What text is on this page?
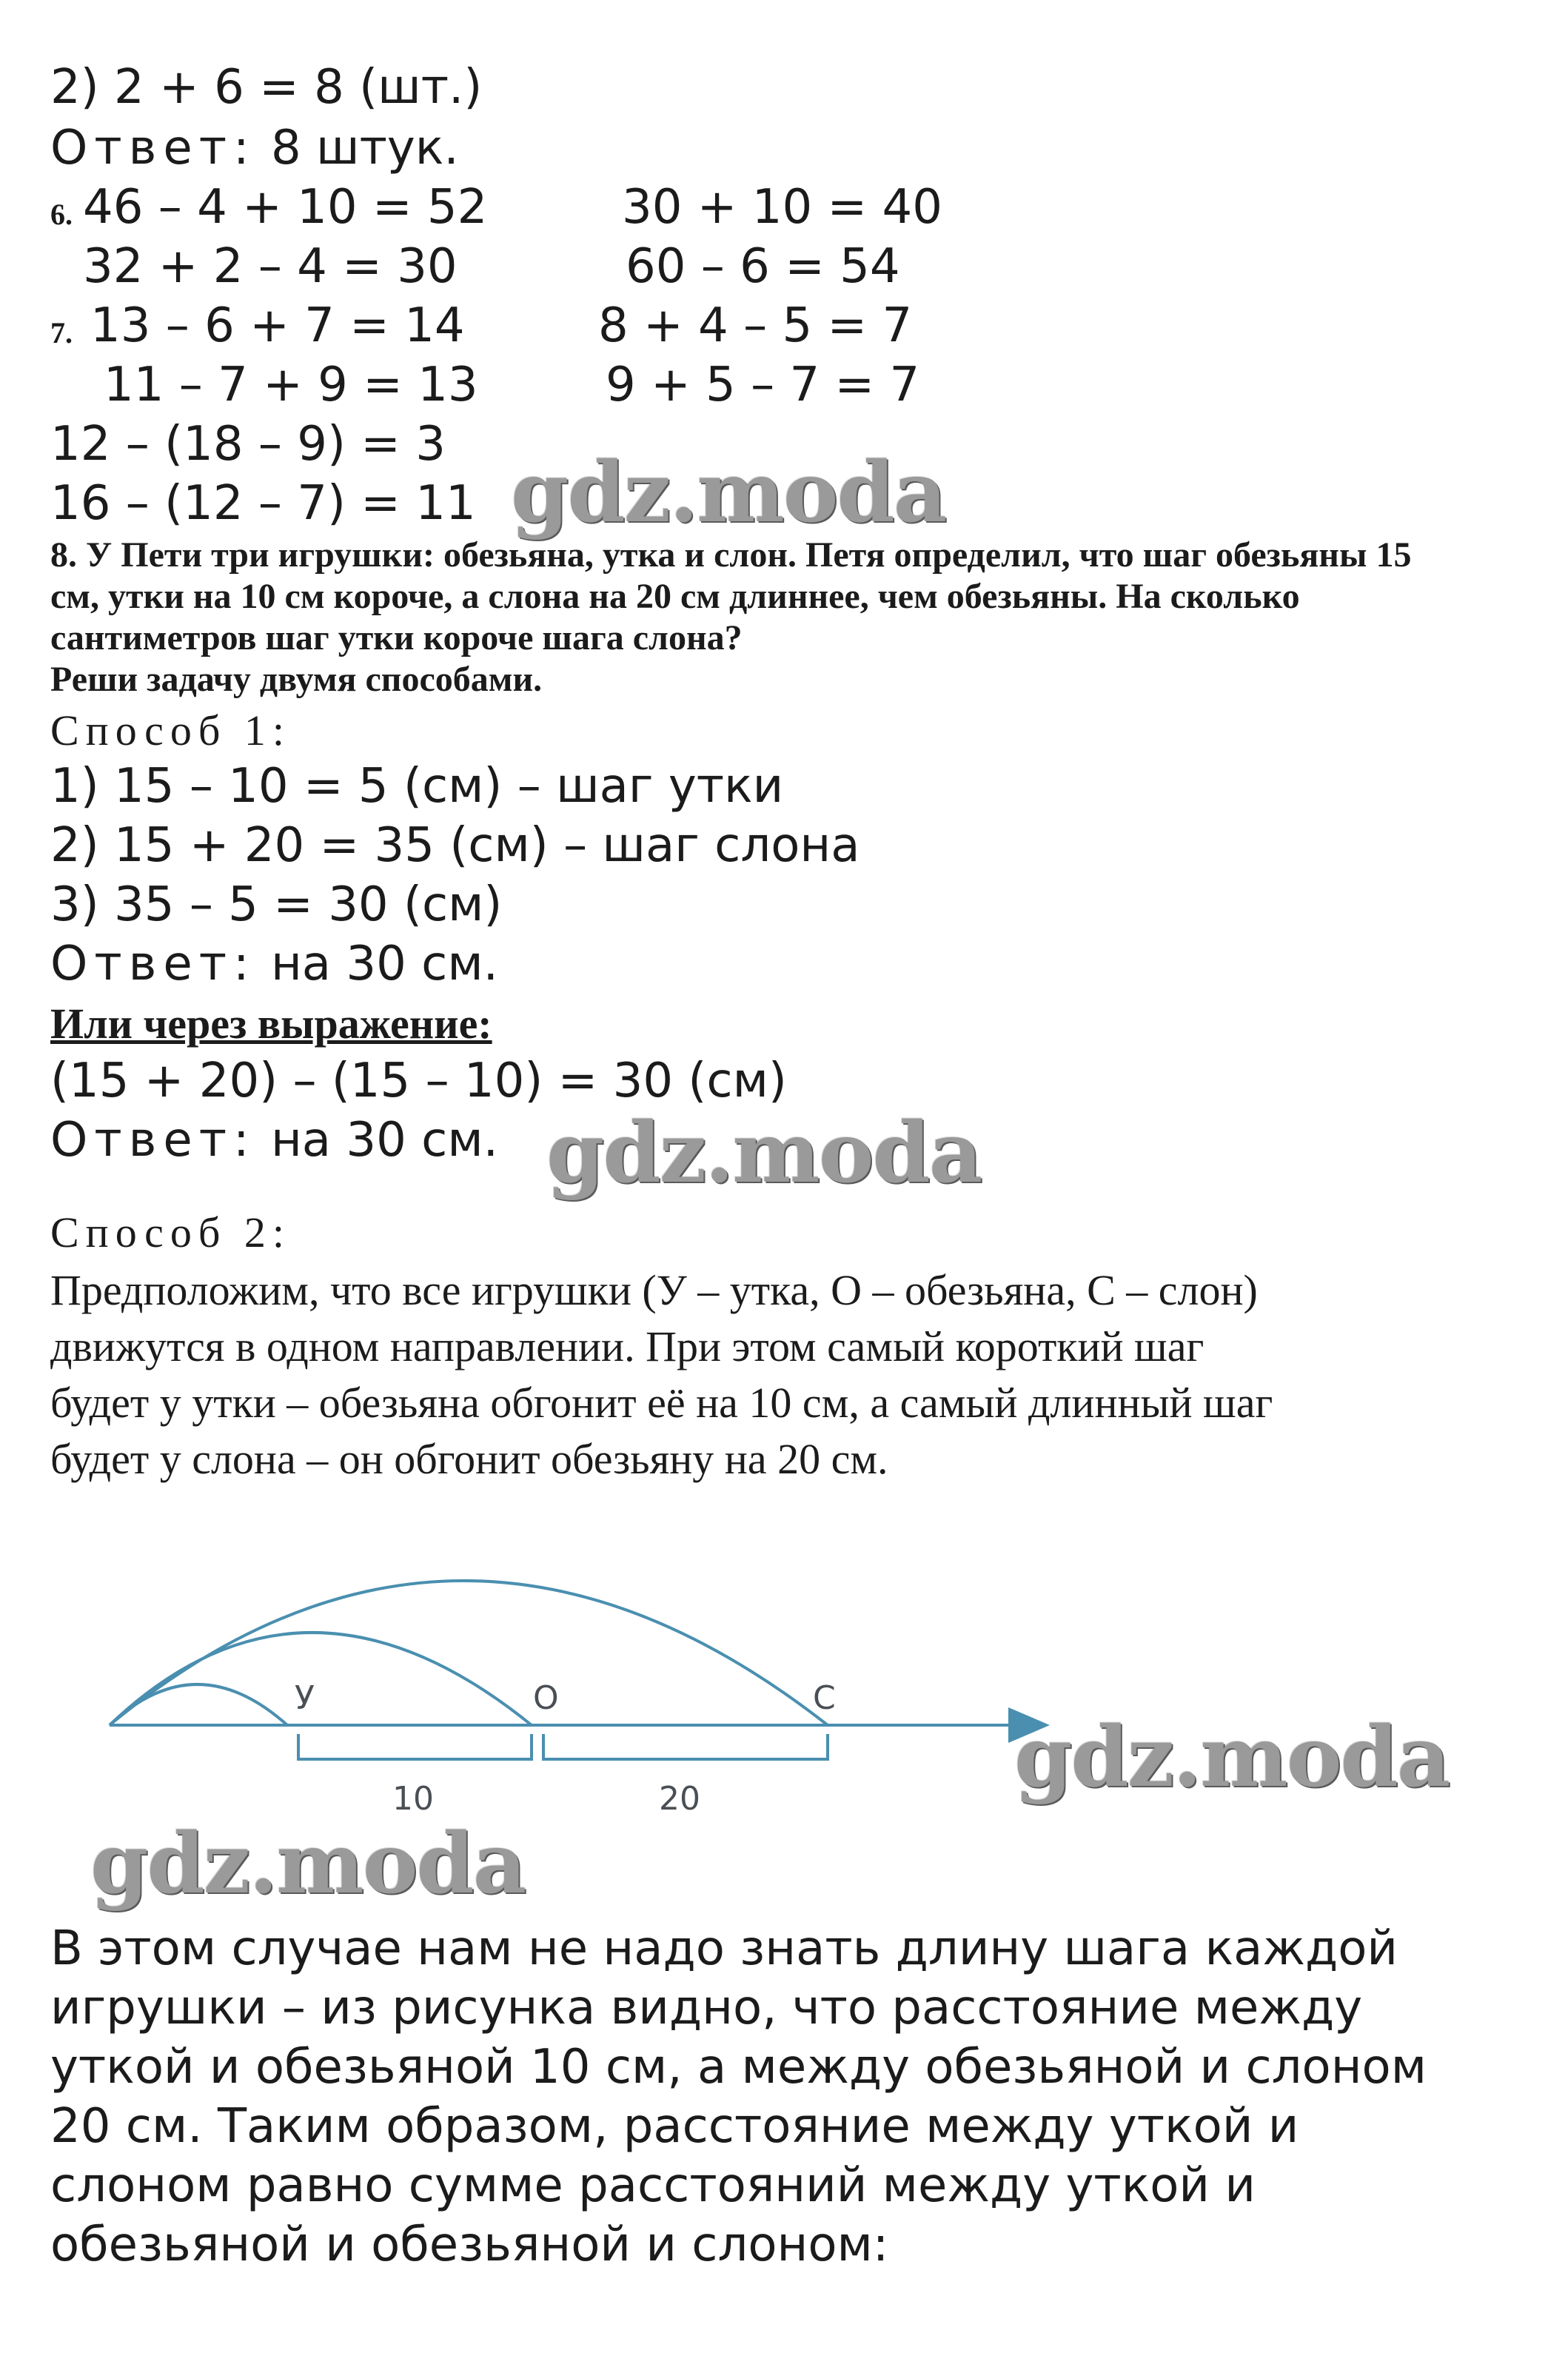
2) 2 + 6 = 8 (шт.)
Ответ: 8 штук.
6. 46 – 4 + 10 = 52	30 + 10 = 40
32 + 2 – 4 = 30	60 – 6 = 54
7. 13 – 6 + 7 = 14	8 + 4 – 5 = 7
11 – 7 + 9 = 13	9 + 5 – 7 = 7
12 – (18 – 9) = 3
16 – (12 – 7) = 11 gdz.moda
8. У Пети три игрушки: обезьяна, утка и слон. Петя определил, что шаг обезьяны 15
см, утки на 10 см короче, а слона на 20 см длиннее, чем обезьяны. На сколько
сантиметров шаг утки короче шага слона?
Реши задачу двумя способами.
Способ 1:
1) 15 – 10 = 5 (см) – шаг утки
2) 15 + 20 = 35 (см) – шаг слона
3) 35 – 5 = 30 (см)
Ответ: на 30 см.
Или через выражение:
(15 + 20) – (15 – 10) = 30 (см)
Ответ: на 30 см. gdz.moda
Способ 2:
Предположим, что все игрушки (У – утка, О – обезьяна, С – слон)
движутся в одном направлении. При этом самый короткий шаг
будет у утки – обезьяна обгонит её на 10 см, а самый длинный шаг
будет у слона – он обгонит обезьяну на 20 см.
У	О	С
10	20	gdz.moda
gdz.moda
В этом случае нам не надо знать длину шага каждой
игрушки – из рисунка видно, что расстояние между
уткой и обезьяной 10 см, а между обезьяной и слоном
20 см. Таким образом, расстояние между уткой и
слоном равно сумме расстояний между уткой и
обезьяной и обезьяной и слоном:
